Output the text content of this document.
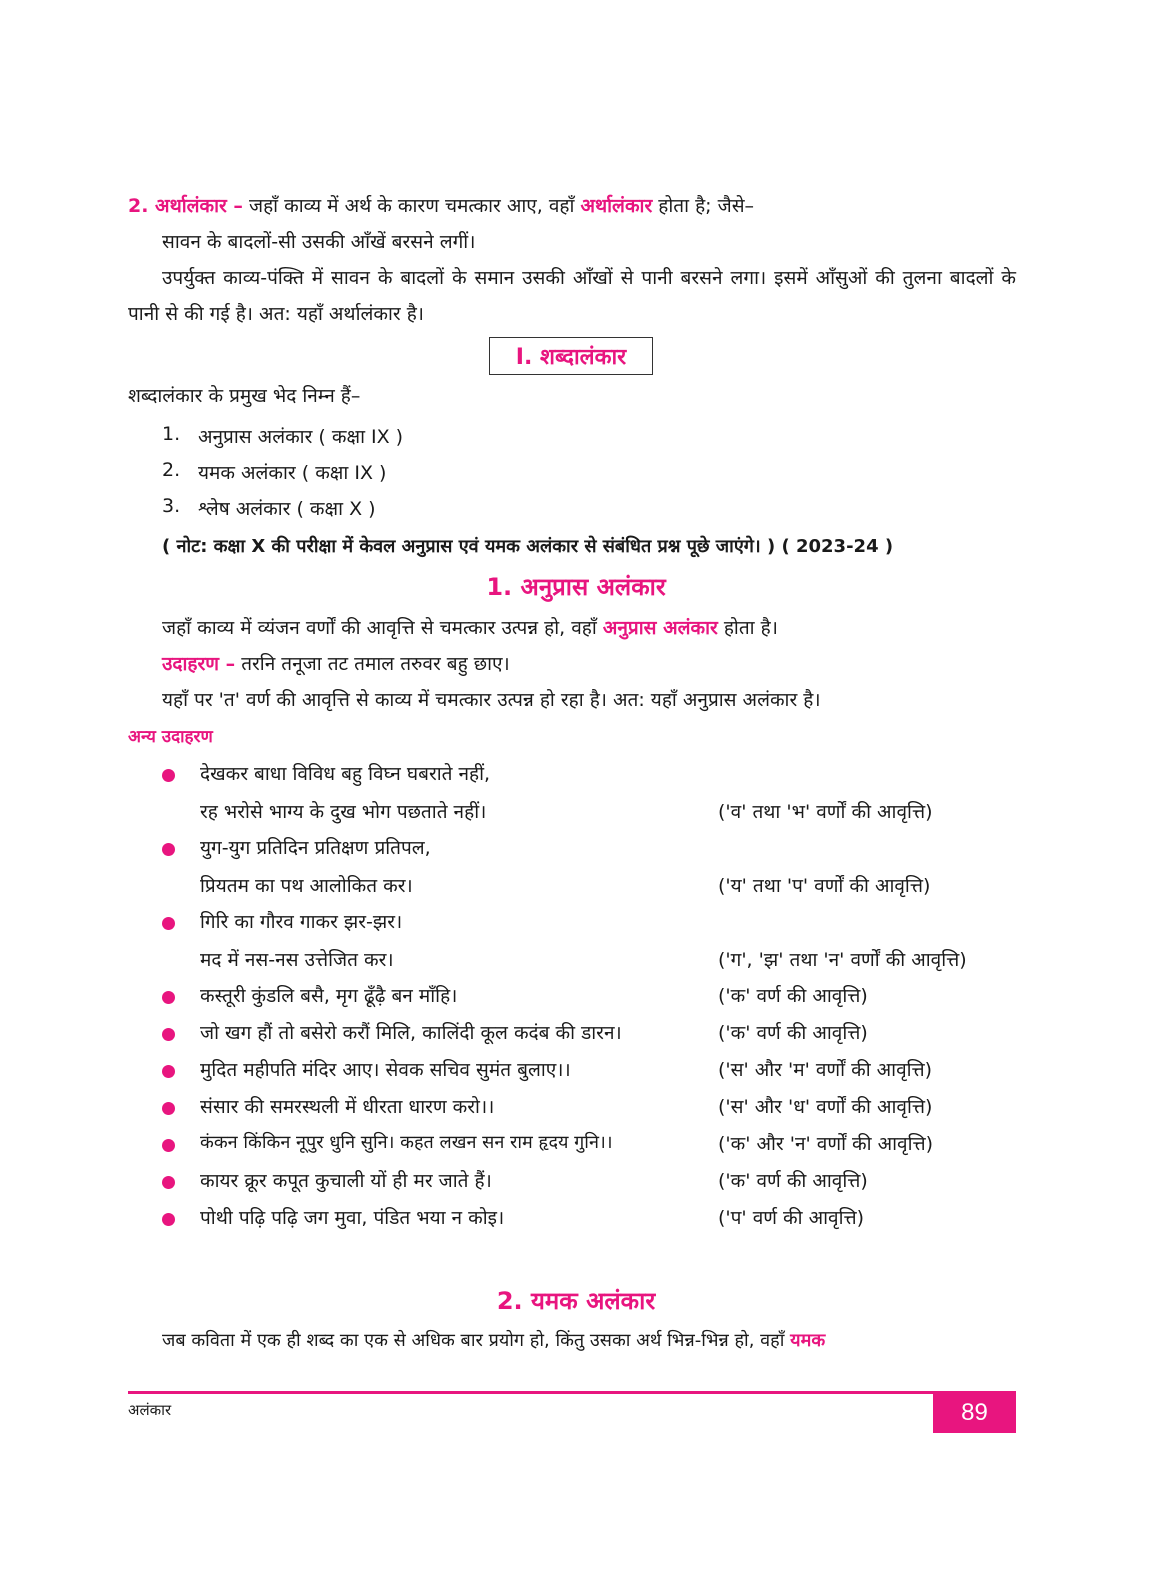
2. अर्थालंकार – जहाँ काव्य में अर्थ के कारण चमत्कार आए, वहाँ अर्थालंकार होता है; जैसे–
सावन के बादलों-सी उसकी आँखें बरसने लगीं।
उपर्युक्त काव्य-पंक्ति में सावन के बादलों के समान उसकी आँखों से पानी बरसने लगा। इसमें आँसुओं की तुलना बादलों के पानी से की गई है। अत: यहाँ अर्थालंकार है।
I. शब्दालंकार
शब्दालंकार के प्रमुख भेद निम्न हैं–
1. अनुप्रास अलंकार ( कक्षा IX )
2. यमक अलंकार ( कक्षा IX )
3. श्लेष अलंकार ( कक्षा X )
( नोट: कक्षा X की परीक्षा में केवल अनुप्रास एवं यमक अलंकार से संबंधित प्रश्न पूछे जाएंगे। ) ( 2023-24 )
1. अनुप्रास अलंकार
जहाँ काव्य में व्यंजन वर्णों की आवृत्ति से चमत्कार उत्पन्न हो, वहाँ अनुप्रास अलंकार होता है।
उदाहरण – तरनि तनूजा तट तमाल तरुवर बहु छाए।
यहाँ पर 'त' वर्ण की आवृत्ति से काव्य में चमत्कार उत्पन्न हो रहा है। अत: यहाँ अनुप्रास अलंकार है।
अन्य उदाहरण
देखकर बाधा विविध बहु विघ्न घबराते नहीं,
रह भरोसे भाग्य के दुख भोग पछताते नहीं।	('व' तथा 'भ' वर्णों की आवृत्ति)
युग-युग प्रतिदिन प्रतिक्षण प्रतिपल,
प्रियतम का पथ आलोकित कर।	('य' तथा 'प' वर्णों की आवृत्ति)
गिरि का गौरव गाकर झर-झर।
मद में नस-नस उत्तेजित कर।	('ग', 'झ' तथा 'न' वर्णों की आवृत्ति)
कस्तूरी कुंडलि बसै, मृग ढूँढ़ै बन माँहि।	('क' वर्ण की आवृत्ति)
जो खग हौं तो बसेरो करौं मिलि, कालिंदी कूल कदंब की डारन।	('क' वर्ण की आवृत्ति)
मुदित महीपति मंदिर आए। सेवक सचिव सुमंत बुलाए।।	('स' और 'म' वर्णों की आवृत्ति)
संसार की समरस्थली में धीरता धारण करो।।	('स' और 'ध' वर्णों की आवृत्ति)
कंकन किंकिन नूपुर धुनि सुनि। कहत लखन सन राम हृदय गुनि।।	('क' और 'न' वर्णों की आवृत्ति)
कायर क्रूर कपूत कुचाली यों ही मर जाते हैं।	('क' वर्ण की आवृत्ति)
पोथी पढ़ि पढ़ि जग मुवा, पंडित भया न कोइ।	('प' वर्ण की आवृत्ति)
2. यमक अलंकार
जब कविता में एक ही शब्द का एक से अधिक बार प्रयोग हो, किंतु उसका अर्थ भिन्न-भिन्न हो, वहाँ यमक
अलंकार	89
